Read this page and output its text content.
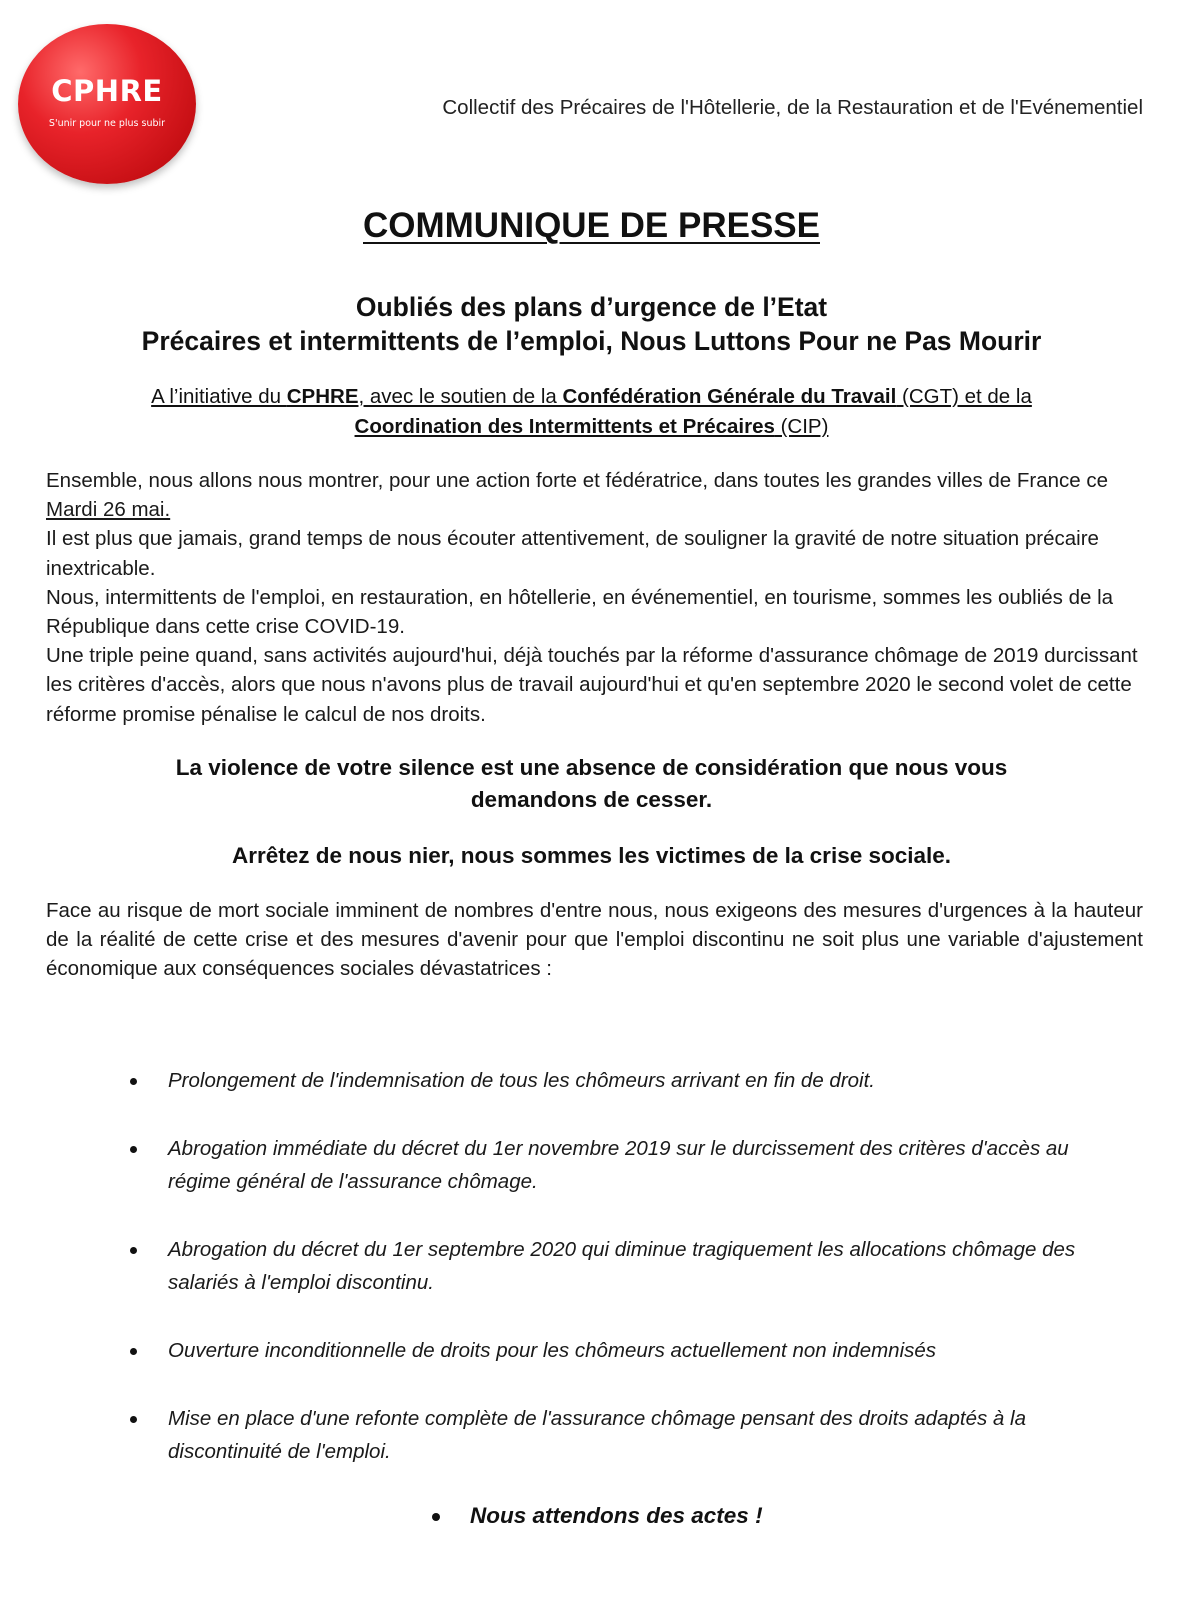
CPHRE
S'unir pour ne plus subir
Collectif des Précaires de l'Hôtellerie, de la Restauration et de l'Evénementiel
COMMUNIQUE DE PRESSE
Oubliés des plans d’urgence de l’Etat
Précaires et intermittents de l’emploi, Nous Luttons Pour ne Pas Mourir
A l’initiative du CPHRE, avec le soutien de la Confédération Générale du Travail (CGT) et de la
Coordination des Intermittents et Précaires (CIP)

Ensemble, nous allons nous montrer, pour une action forte et fédératrice, dans toutes les grandes villes de France ce Mardi 26 mai.

Il est plus que jamais, grand temps de nous écouter attentivement, de souligner la gravité de notre situation précaire inextricable.

Nous, intermittents de l'emploi, en restauration, en hôtellerie, en événementiel, en tourisme, sommes les oubliés de la République dans cette crise COVID-19.

Une triple peine quand, sans activités aujourd'hui, déjà touchés par la réforme d'assurance chômage de 2019 durcissant les critères d'accès, alors que nous n'avons plus de travail aujourd'hui et qu'en septembre 2020 le second volet de cette réforme promise pénalise le calcul de nos droits.

La violence de votre silence est une absence de considération que nous vous
demandons de cesser.
Arrêtez de nous nier, nous sommes les victimes de la crise sociale.

Face au risque de mort sociale imminent de nombres d'entre nous, nous exigeons des mesures d'urgences à la hauteur de la réalité de cette crise et des mesures d'avenir pour que l'emploi discontinu ne soit plus une variable d'ajustement économique aux conséquences sociales dévastatrices :

Prolongement de l'indemnisation de tous les chômeurs arrivant en fin de droit.
Abrogation immédiate du décret du 1er novembre 2019 sur le durcissement des critères d'accès au régime général de l'assurance chômage.
Abrogation du décret du 1er septembre 2020 qui diminue tragiquement les allocations chômage des salariés à l'emploi discontinu.
Ouverture inconditionnelle de droits pour les chômeurs actuellement non indemnisés
Mise en place d'une refonte complète de l'assurance chômage pensant des droits adaptés à la discontinuité de l'emploi.
Nous attendons des actes !
